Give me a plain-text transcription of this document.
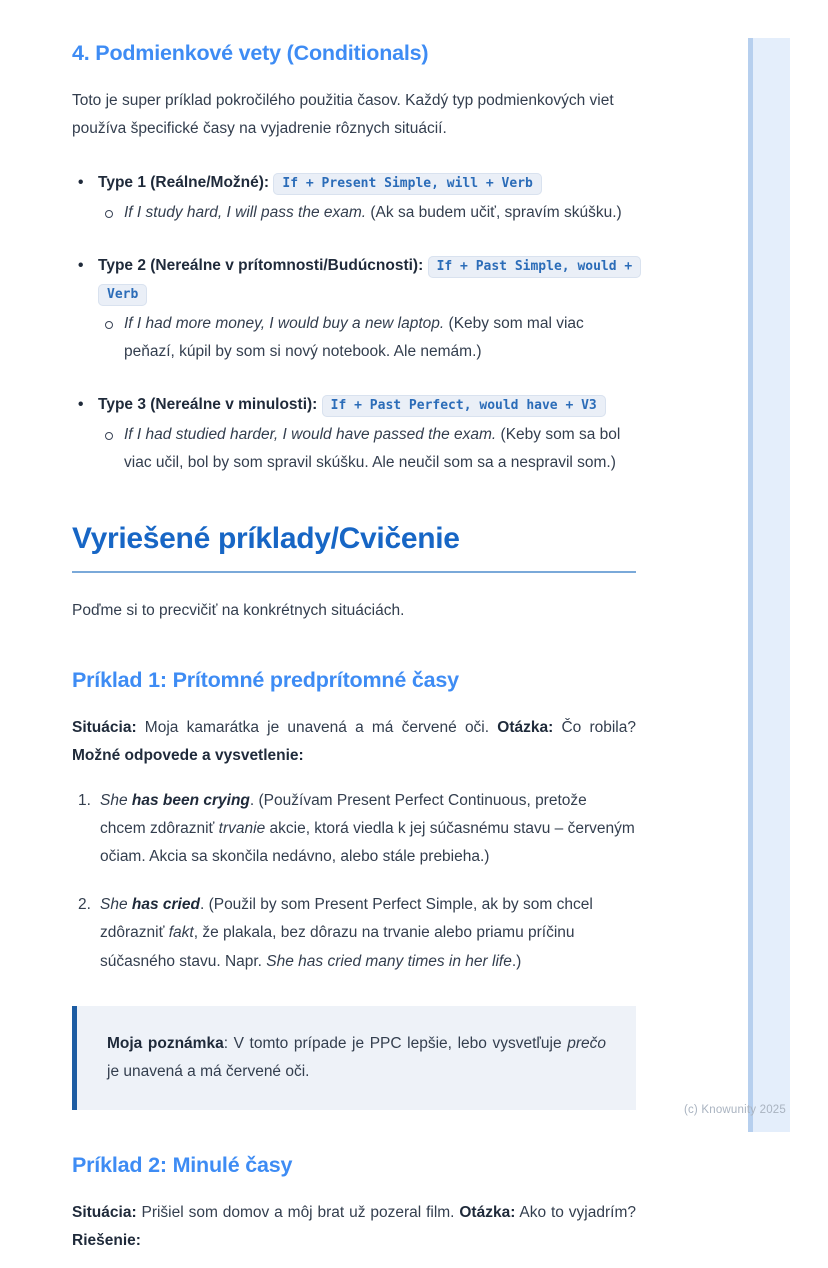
4. Podmienkové vety (Conditionals)

Toto je super príklad pokročilého použitia časov. Každý typ podmienkových viet používa špecifické časy na vyjadrenie rôznych situácií.

• Type 1 (Reálne/Možné): If + Present Simple, will + Verb
If I study hard, I will pass the exam. (Ak sa budem učiť, spravím skúšku.)
• Type 2 (Nereálne v prítomnosti/Budúcnosti): If + Past Simple, would + Verb
If I had more money, I would buy a new laptop. (Keby som mal viac peňazí, kúpil by som si nový notebook. Ale nemám.)
• Type 3 (Nereálne v minulosti): If + Past Perfect, would have + V3
If I had studied harder, I would have passed the exam. (Keby som sa bol viac učil, bol by som spravil skúšku. Ale neučil som sa a nespravil som.)
Vyriešené príklady/Cvičenie

Poďme si to precvičiť na konkrétnych situáciách.

Príklad 1: Prítomné predprítomné časy

Situácia: Moja kamarátka je unavená a má červené oči. Otázka: Čo robila? Možné odpovede a vysvetlenie:

She has been crying. (Používam Present Perfect Continuous, pretože chcem zdôrazniť trvanie akcie, ktorá viedla k jej súčasnému stavu – červeným očiam. Akcia sa skončila nedávno, alebo stále prebieha.)
She has cried. (Použil by som Present Perfect Simple, ak by som chcel zdôrazniť fakt, že plakala, bez dôrazu na trvanie alebo priamu príčinu súčasného stavu. Napr. She has cried many times in her life.)

Moja poznámka: V tomto prípade je PPC lepšie, lebo vysvetľuje prečo je unavená a má červené oči.

Príklad 2: Minulé časy

Situácia: Prišiel som domov a môj brat už pozeral film. Otázka: Ako to vyjadrím? Riešenie:

(c) Knowunity 2025
